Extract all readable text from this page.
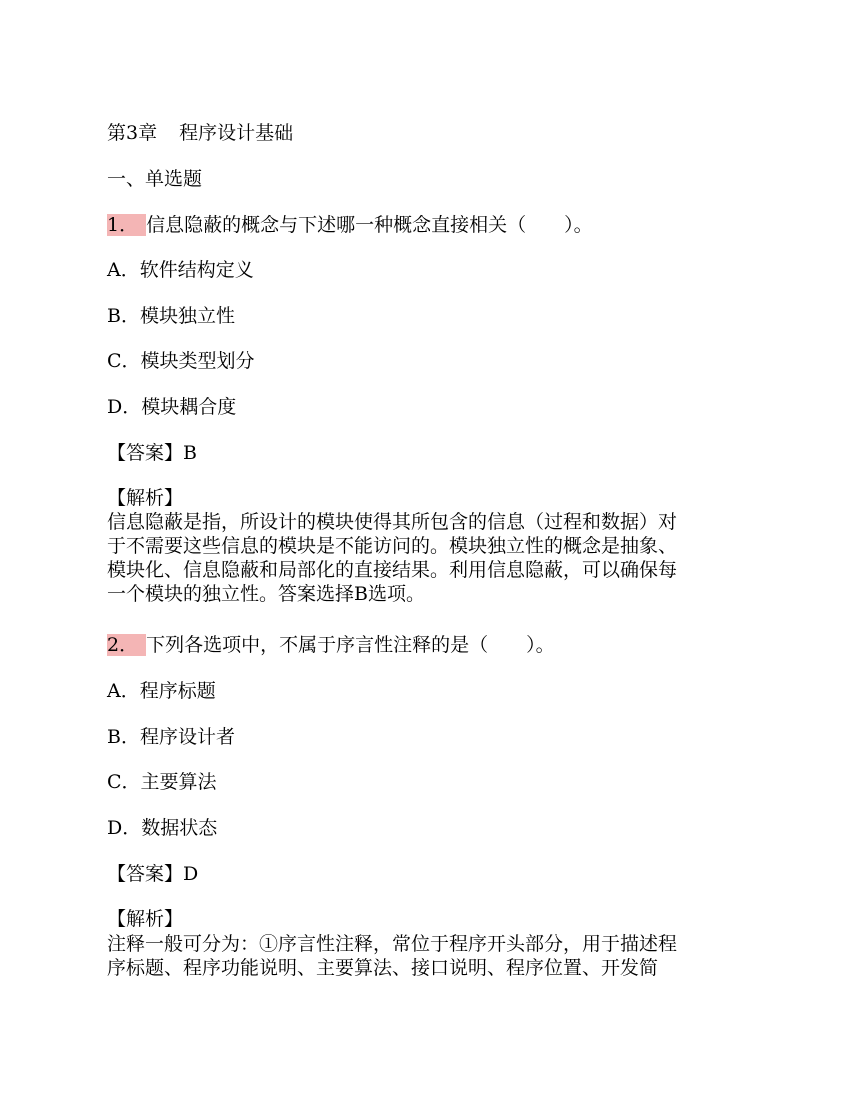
第3章 程序设计基础
一、单选题
1． 信息隐蔽的概念与下述哪一种概念直接相关（　　）。
A．软件结构定义
B．模块独立性
C．模块类型划分
D．模块耦合度
【答案】B
【解析】
信息隐蔽是指，所设计的模块使得其所包含的信息（过程和数据）对
于不需要这些信息的模块是不能访问的。模块独立性的概念是抽象、
模块化、信息隐蔽和局部化的直接结果。利用信息隐蔽，可以确保每
一个模块的独立性。答案选择B选项。
2． 下列各选项中，不属于序言性注释的是（　　）。
A．程序标题
B．程序设计者
C．主要算法
D．数据状态
【答案】D
【解析】
注释一般可分为：①序言性注释，常位于程序开头部分，用于描述程
序标题、程序功能说明、主要算法、接口说明、程序位置、开发简
